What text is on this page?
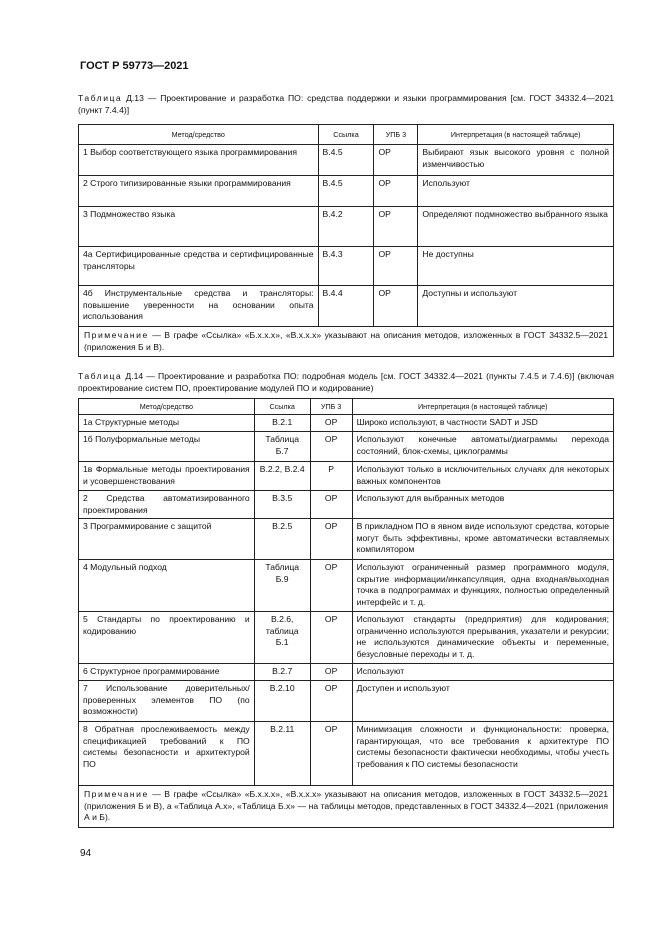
ГОСТ Р 59773—2021
Таблица Д.13 — Проектирование и разработка ПО: средства поддержки и языки программирования [см. ГОСТ 34332.4—2021 (пункт 7.4.4)]
Метод/средство	Ссылка	УПБ 3	Интерпретация (в настоящей таблице)
1 Выбор соответствующего языка программирования	В.4.5	ОР	Выбирают язык высокого уровня с полной изменчивостью
2 Строго типизированные языки программирования	В.4.5	ОР	Используют
3 Подмножество языка	В.4.2	ОР	Определяют подмножество выбранного языка
4а Сертифицированные средства и сертифицированные трансляторы	В.4.3	ОР	Не доступны
4б Инструментальные средства и трансляторы: повышение уверенности на основании опыта использования	В.4.4	ОР	Доступны и используют
Примечание — В графе «Ссылка» «Б.х.х.х», «В.х.х.х» указывают на описания методов, изложенных в ГОСТ 34332.5—2021 (приложения Б и В).			
Таблица Д.14 — Проектирование и разработка ПО: подробная модель [см. ГОСТ 34332.4—2021 (пункты 7.4.5 и 7.4.6)] (включая проектирование систем ПО, проектирование модулей ПО и кодирование)
Метод/средство	Ссылка	УПБ 3	Интерпретация (в настоящей таблице)
1а Структурные методы	В.2.1	ОР	Широко используют, в частности SADT и JSD
1б Полуформальные методы	Таблица Б.7	ОР	Используют конечные автоматы/диаграммы перехода состояний, блок-схемы, циклограммы
1в Формальные методы проектирования и усовершенствования	В.2.2, В.2.4	Р	Используют только в исключительных случаях для некоторых важных компонентов
2 Средства автоматизированного проектирования	В.3.5	ОР	Используют для выбранных методов
3 Программирование с защитой	В.2.5	ОР	В прикладном ПО в явном виде используют средства, которые могут быть эффективны, кроме автоматически вставляемых компилятором
4 Модульный подход	Таблица Б.9	ОР	Используют ограниченный размер программного модуля, скрытие информации/инкапсуляция, одна входная/выходная точка в подпрограммах и функциях, полностью определенный интерфейс и т. д.
5 Стандарты по проектированию и кодированию	В.2.6, таблица Б.1	ОР	Используют стандарты (предприятия) для кодирования; ограниченно используются прерывания, указатели и рекурсии; не используются динамические объекты и переменные, безусловные переходы и т. д.
6 Структурное программирование	В.2.7	ОР	Используют
7 Использование доверительных/ проверенных элементов ПО (по возможности)	В.2.10	ОР	Доступен и используют
8 Обратная прослеживаемость между спецификацией требований к ПО системы безопасности и архитектурой ПО	В.2.11	ОР	Минимизация сложности и функциональности: проверка, гарантирующая, что все требования к архитектуре ПО системы безопасности фактически необходимы, чтобы учесть требования к ПО системы безопасности
Примечание — В графе «Ссылка» «Б.х.х.х», «В.х.х.х» указывают на описания методов, изложенных в ГОСТ 34332.5—2021 (приложения Б и В), а «Таблица А.х», «Таблица Б.х» — на таблицы методов, представленных в ГОСТ 34332.4—2021 (приложения А и Б).			
94
